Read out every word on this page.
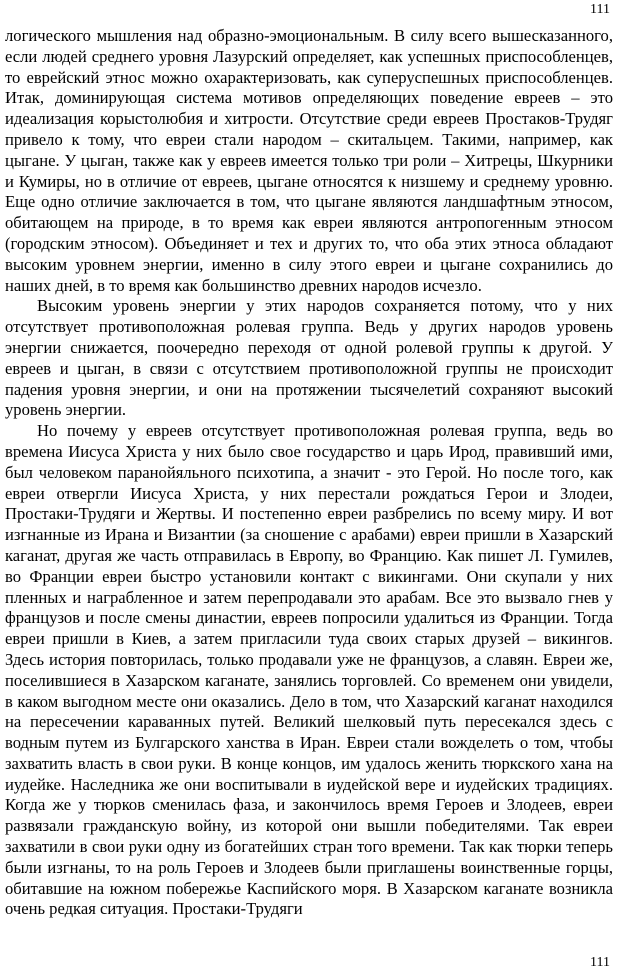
111

логического мышления над образно-эмоциональным. В силу всего вышесказанного, если людей среднего уровня Лазурский определяет, как успешных приспособленцев, то еврейский этнос можно охарактеризовать, как суперуспешных приспособленцев. Итак, доминирующая система мотивов определяющих поведение евреев – это идеализация корыстолюбия и хитрости. Отсутствие среди евреев Простаков-Трудяг привело к тому, что евреи стали народом – скитальцем. Такими, например, как цыгане. У цыган, также как у евреев имеется только три роли – Хитрецы, Шкурники и Кумиры, но в отличие от евреев, цыгане относятся к низшему и среднему уровню. Еще одно отличие заключается в том, что цыгане являются ландшафтным этносом, обитающем на природе, в то время как евреи являются антропогенным этносом (городским этносом). Объединяет и тех и других то, что оба этих этноса обладают высоким уровнем энергии, именно в силу этого евреи и цыгане сохранились до наших дней, в то время как большинство древних народов исчезло.

Высоким уровень энергии у этих народов сохраняется потому, что у них отсутствует противоположная ролевая группа. Ведь у других народов уровень энергии снижается, поочередно переходя от одной ролевой группы к другой. У евреев и цыган, в связи с отсутствием противоположной группы не происходит падения уровня энергии, и они на протяжении тысячелетий сохраняют высокий уровень энергии.

Но почему у евреев отсутствует противоположная ролевая группа, ведь во времена Иисуса Христа у них было свое государство и царь Ирод, правивший ими, был человеком паранойяльного психотипа, а значит - это Герой. Но после того, как евреи отвергли Иисуса Христа, у них перестали рождаться Герои и Злодеи, Простаки-Трудяги и Жертвы. И постепенно евреи разбрелись по всему миру. И вот изгнанные из Ирана и Византии (за сношение с арабами) евреи пришли в Хазарский каганат, другая же часть отправилась в Европу, во Францию. Как пишет Л. Гумилев, во Франции евреи быстро установили контакт с викингами. Они скупали у них пленных и награбленное и затем перепродавали это арабам. Все это вызвало гнев у французов и после смены династии, евреев попросили удалиться из Франции. Тогда евреи пришли в Киев, а затем пригласили туда своих старых друзей – викингов. Здесь история повторилась, только продавали уже не французов, а славян. Евреи же, поселившиеся в Хазарском каганате, занялись торговлей. Со временем они увидели, в каком выгодном месте они оказались. Дело в том, что Хазарский каганат находился на пересечении караванных путей. Великий шелковый путь пересекался здесь с водным путем из Булгарского ханства в Иран. Евреи стали вожделеть о том, чтобы захватить власть в свои руки. В конце концов, им удалось женить тюркского хана на иудейке. Наследника же они воспитывали в иудейской вере и иудейских традициях. Когда же у тюрков сменилась фаза, и закончилось время Героев и Злодеев, евреи развязали гражданскую войну, из которой они вышли победителями. Так евреи захватили в свои руки одну из богатейших стран того времени. Так как тюрки теперь были изгнаны, то на роль Героев и Злодеев были приглашены воинственные горцы, обитавшие на южном побережье Каспийского моря. В Хазарском каганате возникла очень редкая ситуация. Простаки-Трудяги

111
